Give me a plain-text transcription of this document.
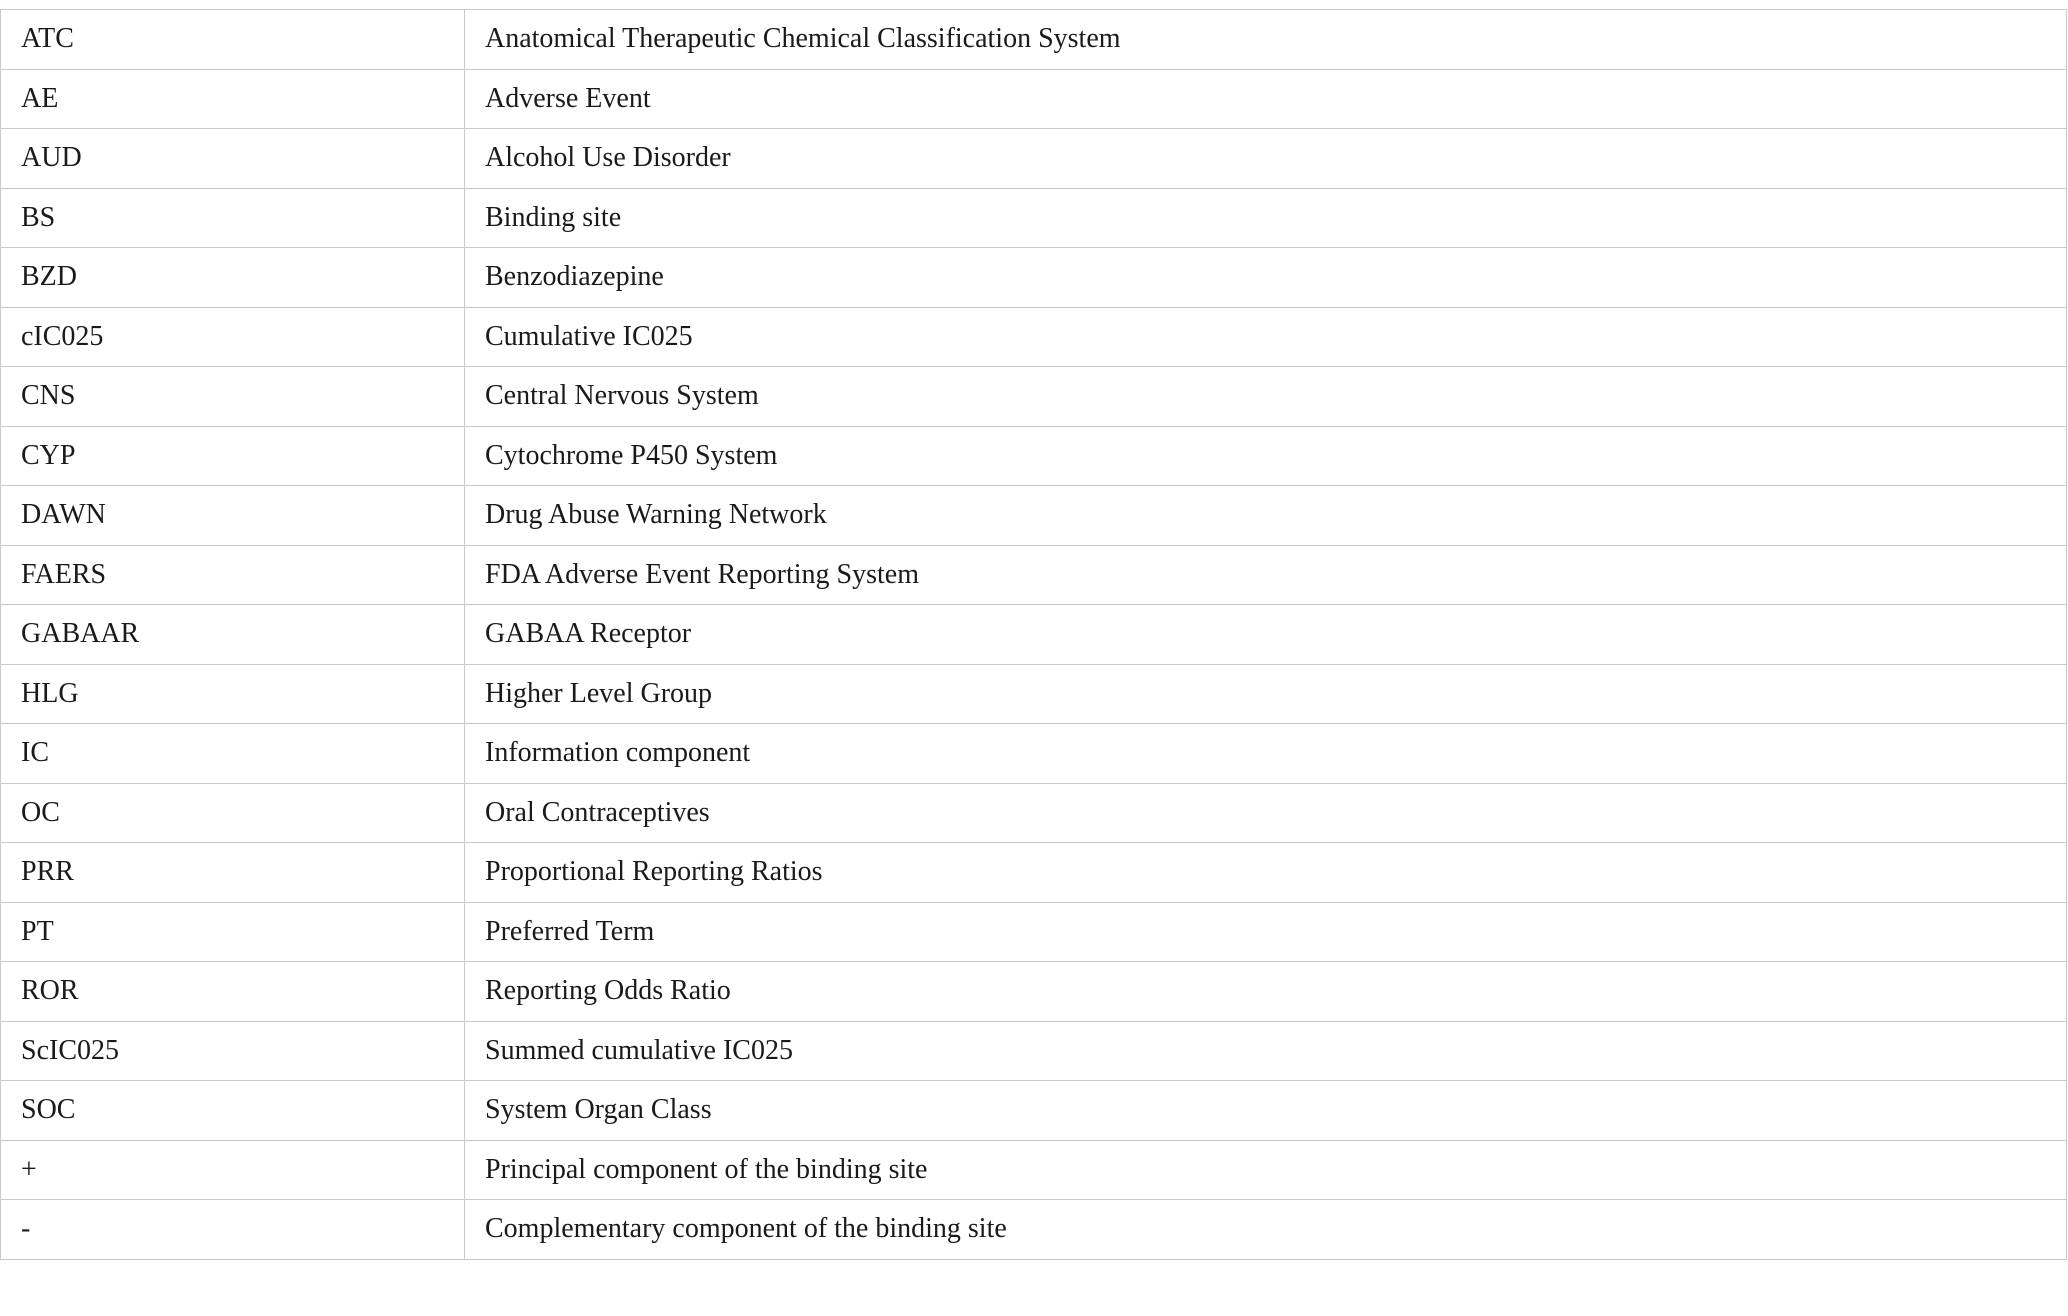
ATC	Anatomical Therapeutic Chemical Classification System
AE	Adverse Event
AUD	Alcohol Use Disorder
BS	Binding site
BZD	Benzodiazepine
cIC025	Cumulative IC025
CNS	Central Nervous System
CYP	Cytochrome P450 System
DAWN	Drug Abuse Warning Network
FAERS	FDA Adverse Event Reporting System
GABAAR	GABAA Receptor
HLG	Higher Level Group
IC	Information component
OC	Oral Contraceptives
PRR	Proportional Reporting Ratios
PT	Preferred Term
ROR	Reporting Odds Ratio
ScIC025	Summed cumulative IC025
SOC	System Organ Class
+	Principal component of the binding site
-	Complementary component of the binding site
